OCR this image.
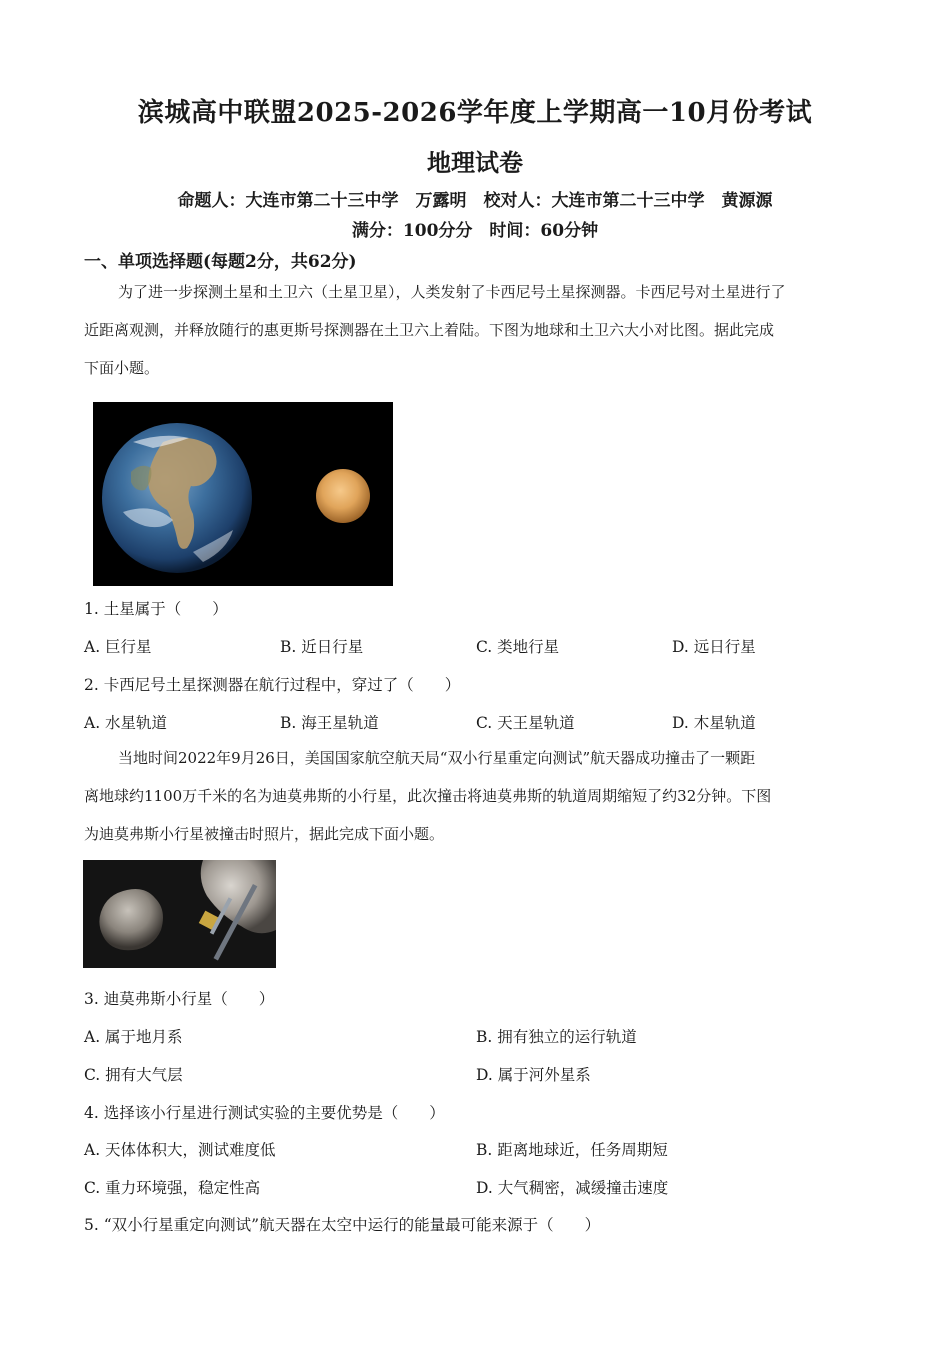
滨城高中联盟2025-2026学年度上学期高一10月份考试
地理试卷
命题人：大连市第二十三中学　万露明　校对人：大连市第二十三中学　黄源源
满分：100分分　时间：60分钟
一、单项选择题(每题2分，共62分)
为了进一步探测土星和土卫六（土星卫星），人类发射了卡西尼号土星探测器。卡西尼号对土星进行了
近距离观测，并释放随行的惠更斯号探测器在土卫六上着陆。下图为地球和土卫六大小对比图。据此完成
下面小题。
1. 土星属于（　　）
A. 巨行星	B. 近日行星	C. 类地行星	D. 远日行星
2. 卡西尼号土星探测器在航行过程中，穿过了（　　）
A. 水星轨道	B. 海王星轨道	C. 天王星轨道	D. 木星轨道
当地时间2022年9月26日，美国国家航空航天局“双小行星重定向测试”航天器成功撞击了一颗距
离地球约1100万千米的名为迪莫弗斯的小行星，此次撞击将迪莫弗斯的轨道周期缩短了约32分钟。下图
为迪莫弗斯小行星被撞击时照片，据此完成下面小题。
3. 迪莫弗斯小行星（　　）
A. 属于地月系	B. 拥有独立的运行轨道
C. 拥有大气层	D. 属于河外星系
4. 选择该小行星进行测试实验的主要优势是（　　）
A. 天体体积大，测试难度低	B. 距离地球近，任务周期短
C. 重力环境强，稳定性高	D. 大气稠密，减缓撞击速度
5. “双小行星重定向测试”航天器在太空中运行的能量最可能来源于（　　）
